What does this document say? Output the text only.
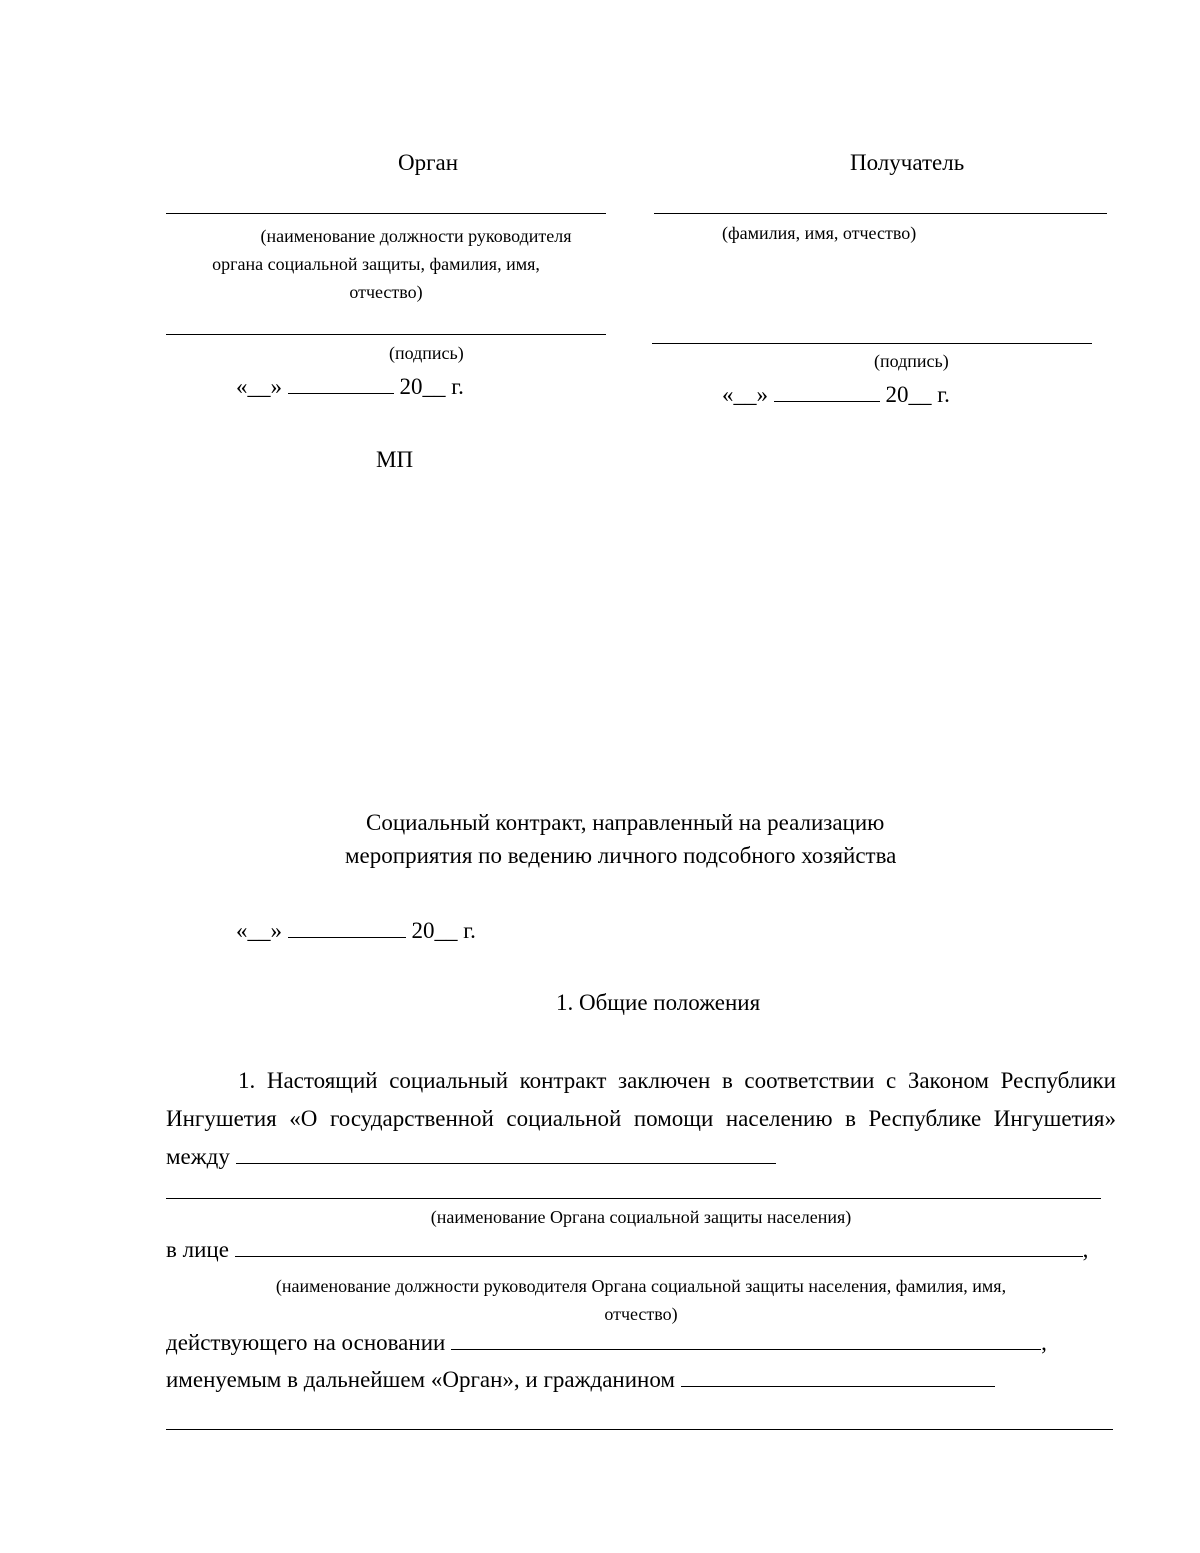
Орган
(наименование должности руководителя
органа социальной защиты, фамилия, имя,
отчество)
(подпись)
«__»	20__ г.
МП
Получатель
(фамилия, имя, отчество)
(подпись)
«__»	20__ г.
Социальный контракт, направленный на реализацию
мероприятия по ведению личного подсобного хозяйства
«__»	20__ г.
1. Общие положения
1. Настоящий социальный контракт заключен в соответствии с Законом Республики Ингушетия «О государственной социальной помощи населению в Республике Ингушетия» между
(наименование Органа социальной защиты населения)
в лице	,
(наименование должности руководителя Органа социальной защиты населения, фамилия, имя,
отчество)
действующего на основании	,
именуемым в дальнейшем «Орган», и гражданином
